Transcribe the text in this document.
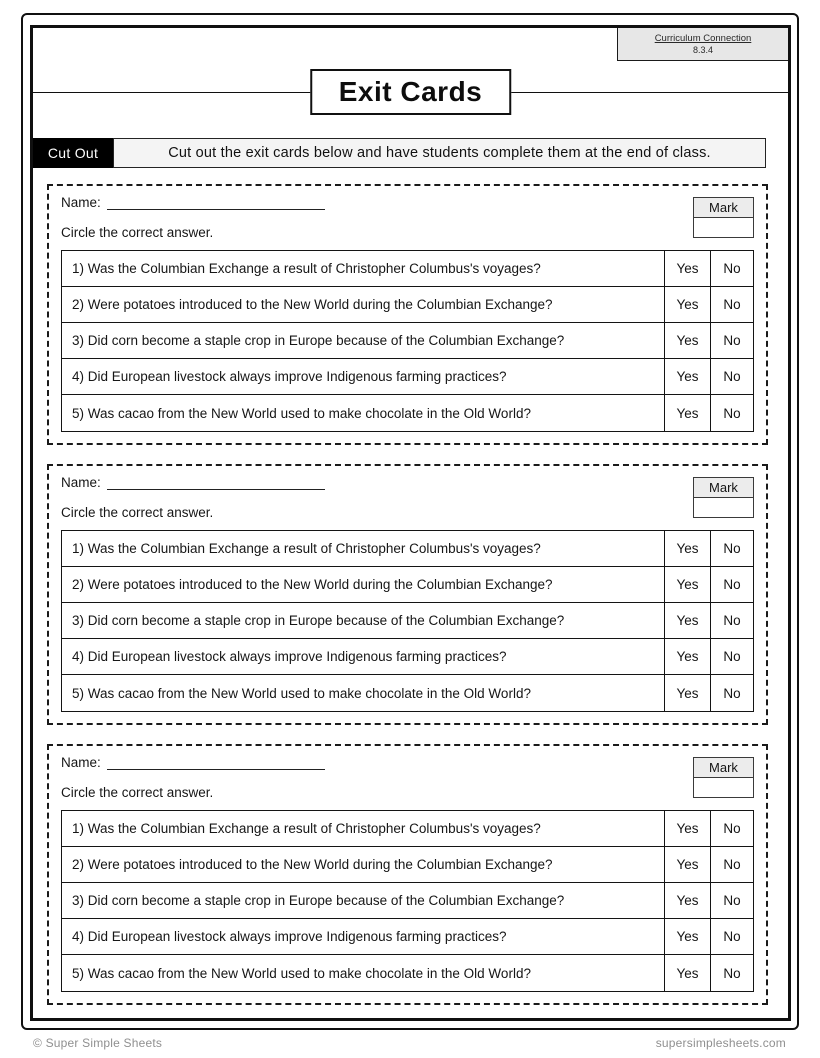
Curriculum Connection
8.3.4
Exit Cards
Cut Out	Cut out the exit cards below and have students complete them at the end of class.
Name:	Mark
Circle the correct answer.
1) Was the Columbian Exchange a result of Christopher Columbus's voyages?	Yes	No
2) Were potatoes introduced to the New World during the Columbian Exchange?	Yes	No
3) Did corn become a staple crop in Europe because of the Columbian Exchange?	Yes	No
4) Did European livestock always improve Indigenous farming practices?	Yes	No
5) Was cacao from the New World used to make chocolate in the Old World?	Yes	No
Name:	Mark
Circle the correct answer.
1) Was the Columbian Exchange a result of Christopher Columbus's voyages?	Yes	No
2) Were potatoes introduced to the New World during the Columbian Exchange?	Yes	No
3) Did corn become a staple crop in Europe because of the Columbian Exchange?	Yes	No
4) Did European livestock always improve Indigenous farming practices?	Yes	No
5) Was cacao from the New World used to make chocolate in the Old World?	Yes	No
Name:	Mark
Circle the correct answer.
1) Was the Columbian Exchange a result of Christopher Columbus's voyages?	Yes	No
2) Were potatoes introduced to the New World during the Columbian Exchange?	Yes	No
3) Did corn become a staple crop in Europe because of the Columbian Exchange?	Yes	No
4) Did European livestock always improve Indigenous farming practices?	Yes	No
5) Was cacao from the New World used to make chocolate in the Old World?	Yes	No
© Super Simple Sheets	supersimplesheets.com
